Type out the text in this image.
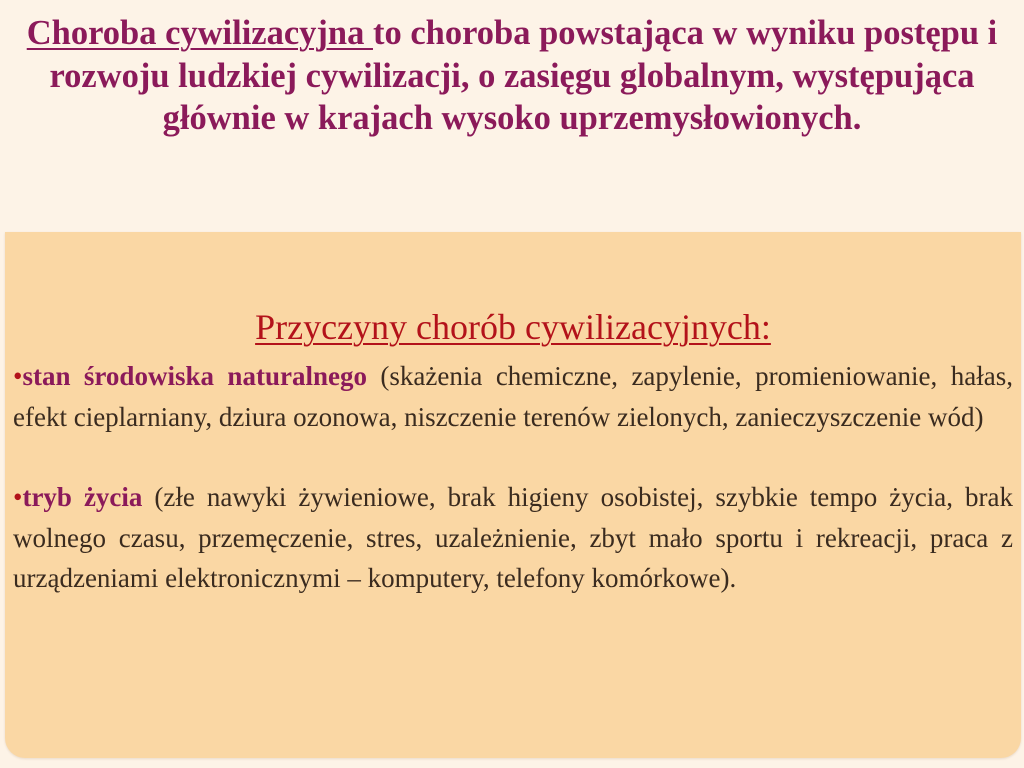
Choroba cywilizacyjna to choroba powstająca w wyniku postępu i rozwoju ludzkiej cywilizacji, o zasięgu globalnym, występująca głównie w krajach wysoko uprzemysłowionych.
Przyczyny chorób cywilizacyjnych:

•stan środowiska naturalnego (skażenia chemiczne, zapylenie, promieniowanie, hałas, efekt cieplarniany, dziura ozonowa, niszczenie terenów zielonych, zanieczyszczenie wód)

•tryb życia (złe nawyki żywieniowe, brak higieny osobistej, szybkie tempo życia, brak wolnego czasu, przemęczenie, stres, uzależnienie, zbyt mało sportu i rekreacji, praca z urządzeniami elektronicznymi – komputery, telefony komórkowe).
